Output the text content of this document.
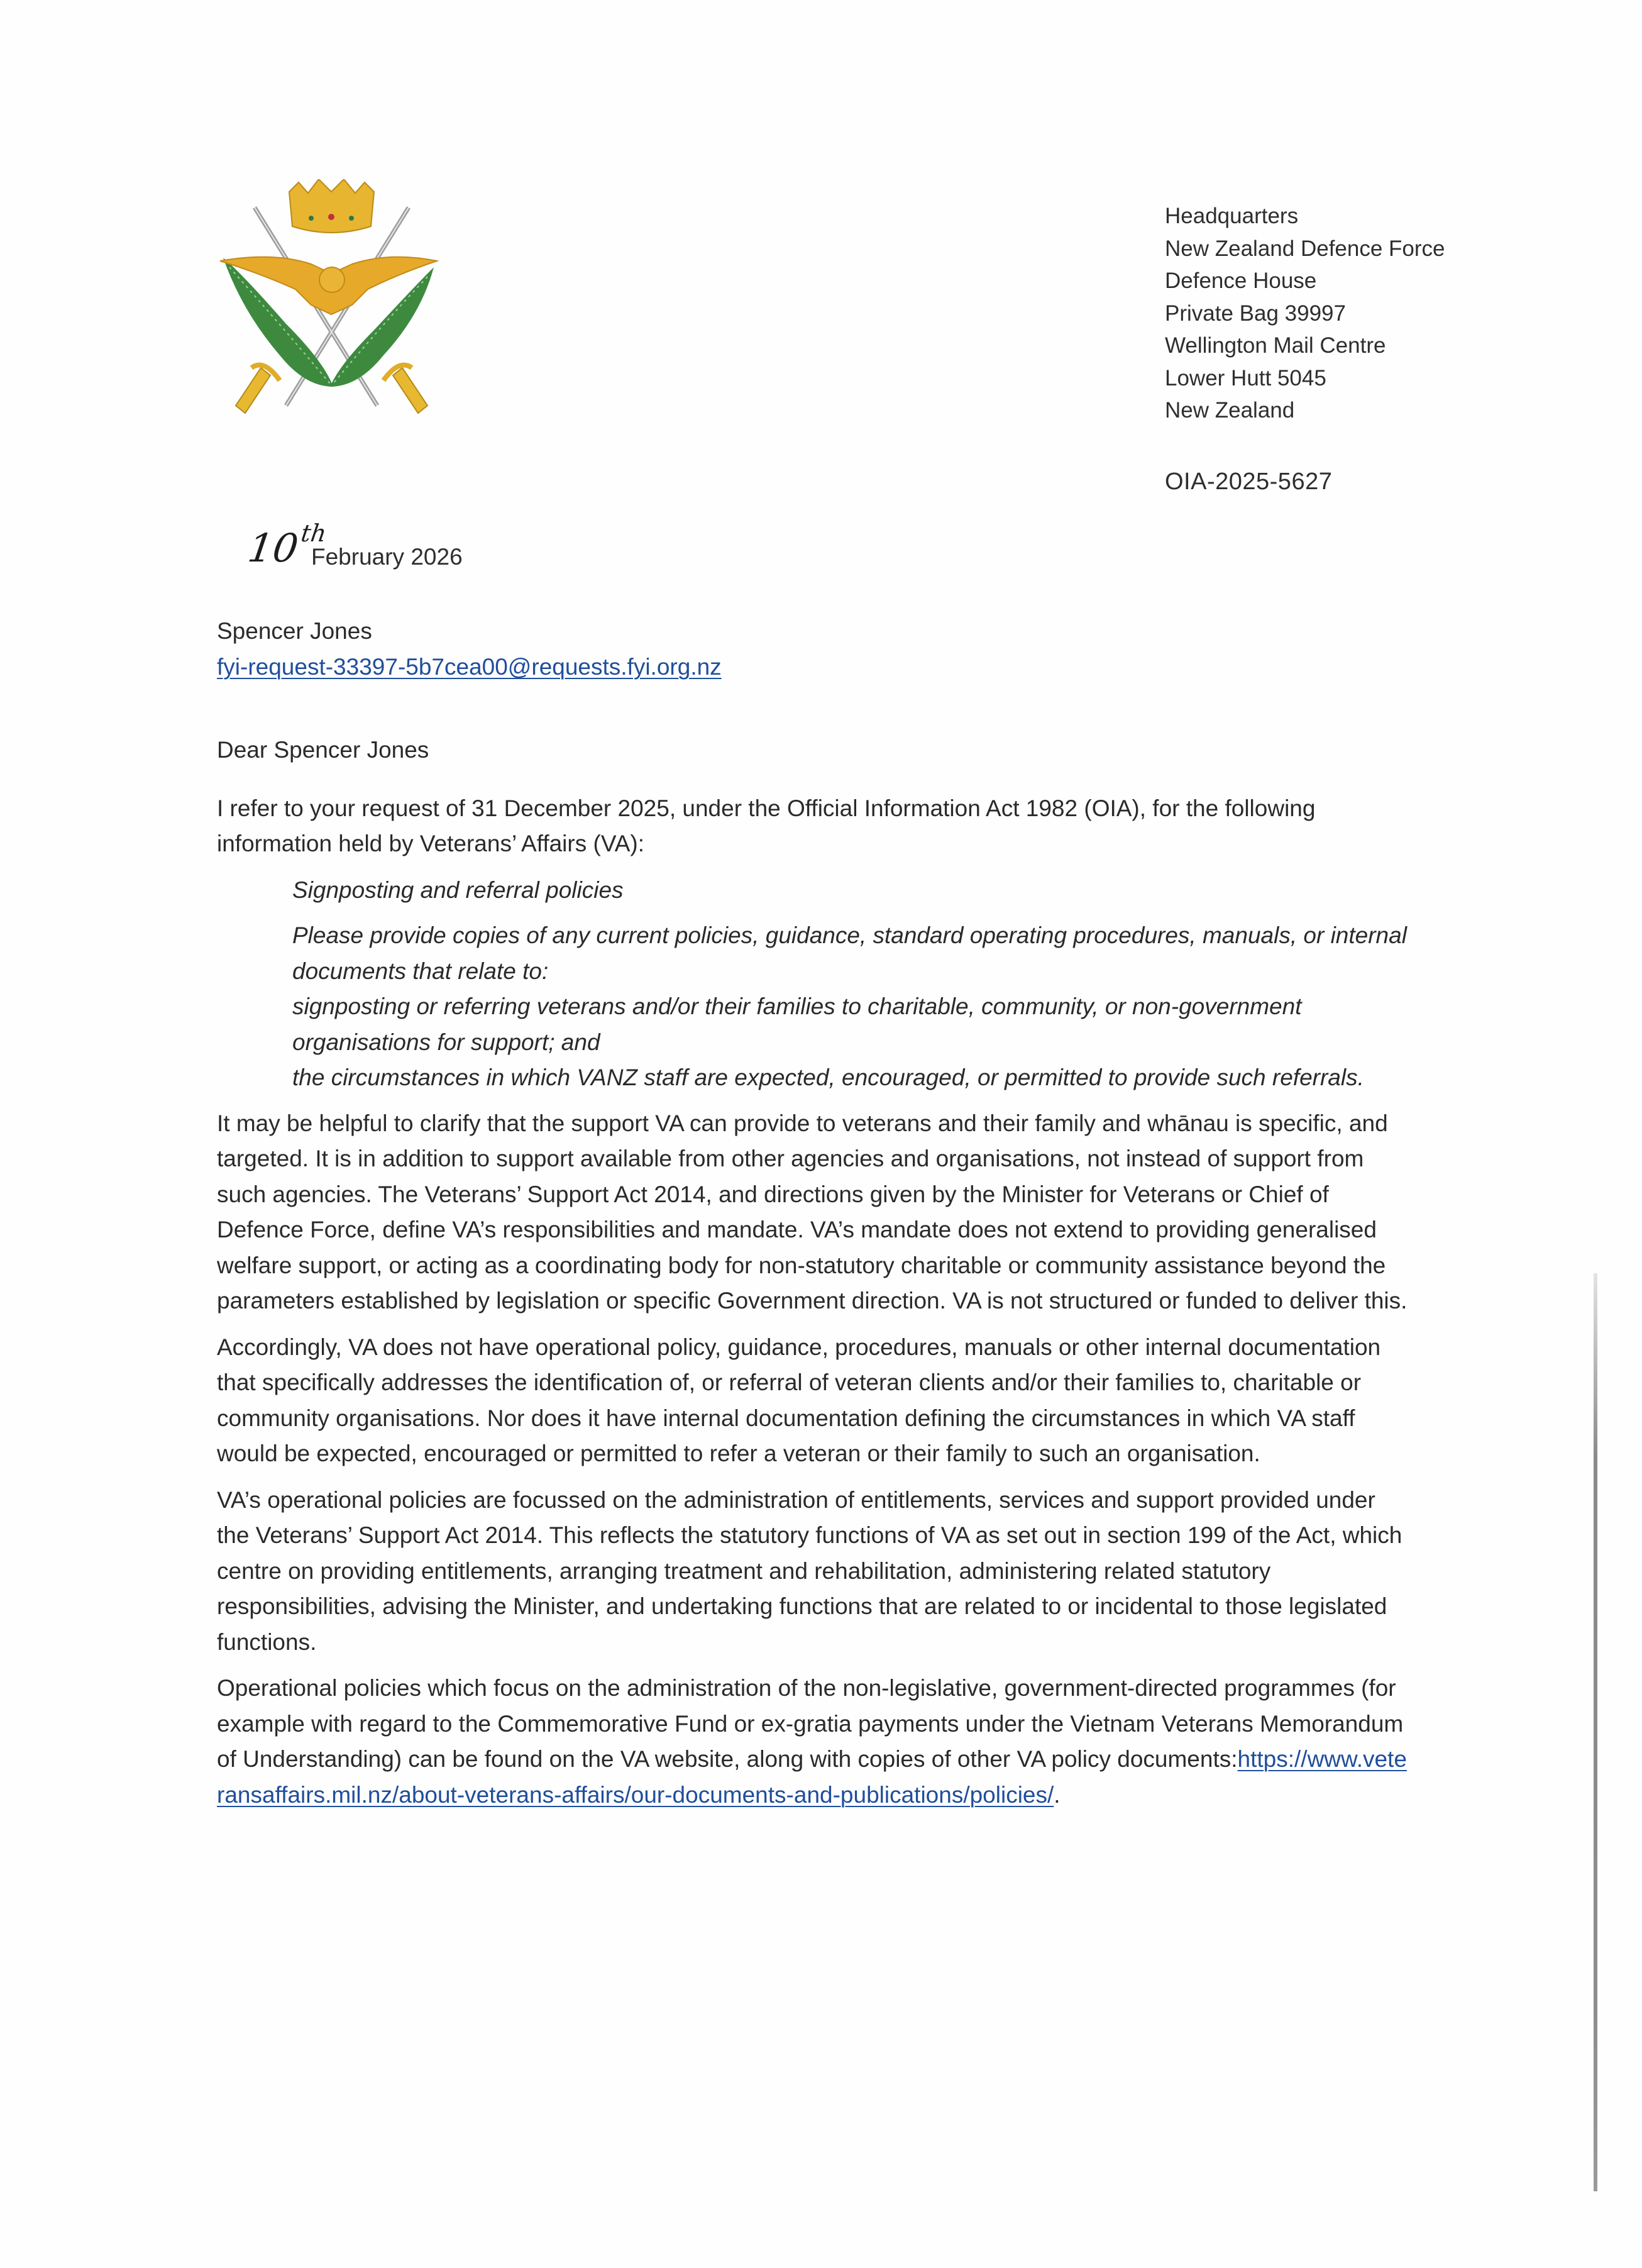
Headquarters
New Zealand Defence Force
Defence House
Private Bag 39997
Wellington Mail Centre
Lower Hutt 5045
New Zealand
OIA-2025-5627
10th
February 2026
Spencer Jones
fyi-request-33397-5b7cea00@requests.fyi.org.nz

Dear Spencer Jones

I refer to your request of 31 December 2025, under the Official Information Act 1982 (OIA), for the following information held by Veterans’ Affairs (VA):

Signposting and referral policies

Please provide copies of any current policies, guidance, standard operating procedures, manuals, or internal documents that relate to:
signposting or referring veterans and/or their families to charitable, community, or non-government organisations for support; and
the circumstances in which VANZ staff are expected, encouraged, or permitted to provide such referrals.

It may be helpful to clarify that the support VA can provide to veterans and their family and whānau is specific, and targeted. It is in addition to support available from other agencies and organisations, not instead of support from such agencies. The Veterans’ Support Act 2014, and directions given by the Minister for Veterans or Chief of Defence Force, define VA’s responsibilities and mandate. VA’s mandate does not extend to providing generalised welfare support, or acting as a coordinating body for non-statutory charitable or community assistance beyond the parameters established by legislation or specific Government direction. VA is not structured or funded to deliver this.

Accordingly, VA does not have operational policy, guidance, procedures, manuals or other internal documentation that specifically addresses the identification of, or referral of veteran clients and/or their families to, charitable or community organisations. Nor does it have internal documentation defining the circumstances in which VA staff would be expected, encouraged or permitted to refer a veteran or their family to such an organisation.

VA’s operational policies are focussed on the administration of entitlements, services and support provided under the Veterans’ Support Act 2014. This reflects the statutory functions of VA as set out in section 199 of the Act, which centre on providing entitlements, arranging treatment and rehabilitation, administering related statutory responsibilities, advising the Minister, and undertaking functions that are related to or incidental to those legislated functions.

Operational policies which focus on the administration of the non-legislative, government-directed programmes (for example with regard to the Commemorative Fund or ex-gratia payments under the Vietnam Veterans Memorandum of Understanding) can be found on the VA website, along with copies of other VA policy documents:https://www.veteransaffairs.mil.nz/about-veterans-affairs/our-documents-and-publications/policies/.
